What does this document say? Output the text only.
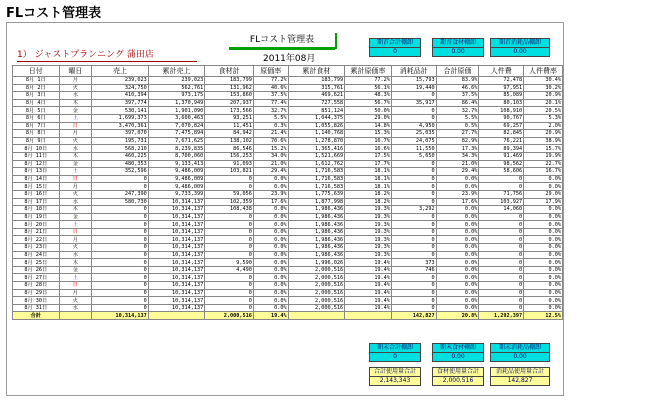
FLコスト管理表
FLコスト管理表
1） ジャストプランニング 蒲田店	2011年08月
期首合計棚卸
0
期首食材棚卸
0.00
期首消耗品棚卸
0.00
日付	曜日	売上	累計売上	食材計	原価率	累計食材	累計原価率	消耗品計	合計原価	人件費	人件費率
8月 1日	月	239,023	239,023	183,799	77.2%	183,799	77.2%	15,793	83.9%	72,478	30.4%
8月 2日	火	324,750	562,761	131,962	40.6%	315,761	56.1%	19,440	46.6%	97,951	30.2%
8月 3日	水	410,394	973,175	153,860	37.5%	469,621	48.3%	0	37.5%	85,089	20.9%
8月 4日	木	397,774	1,370,949	207,937	77.4%	727,558	56.7%	35,917	86.4%	80,103	20.1%
8月 5日	金	530,141	1,901,090	173,566	32.7%	851,124	50.0%	0	32.7%	108,910	20.5%
8月 6日	土	1,699,373	3,600,463	93,251	5.5%	1,044,375	29.0%	0	5.5%	90,767	5.3%
8月 7日	日	3,470,361	7,070,824	11,451	0.3%	1,055,826	14.8%	4,950	0.5%	69,257	2.0%
8月 8日	月	397,070	7,475,894	84,942	21.4%	1,140,768	15.3%	25,035	27.7%	82,845	20.9%
8月 9日	火	195,731	7,671,625	138,102	70.6%	1,278,870	16.7%	24,075	82.9%	76,221	38.9%
8月 10日	水	568,210	8,239,835	86,546	15.2%	1,365,416	16.6%	11,550	17.3%	89,394	15.7%
8月 11日	木	460,225	8,700,060	156,253	34.0%	1,521,669	17.5%	5,650	34.3%	91,469	19.9%
8月 12日	金	480,353	9,133,413	91,093	21.0%	1,612,762	17.7%	0	21.0%	98,562	22.7%
8月 13日	土	352,596	9,486,009	103,821	29.4%	1,716,583	18.1%	0	29.4%	58,606	16.7%
8月 14日	日	0	9,486,009	0	0.0%	1,716,583	18.1%	0	0.0%	0	0.0%
8月 15日	月	0	9,486,009	0	0.0%	1,716,583	18.1%	0	0.0%	0	0.0%
8月 16日	火	247,390	9,733,399	59,056	23.9%	1,775,639	18.2%	0	23.9%	71,756	29.0%
8月 17日	水	580,730	10,314,137	102,359	17.6%	1,877,998	18.2%	0	17.6%	103,927	17.9%
8月 18日	木	0	10,314,137	108,438	0.0%	1,986,436	19.3%	3,292	0.0%	14,060	0.0%
8月 19日	金	0	10,314,137	0	0.0%	1,986,436	19.3%	0	0.0%	0	0.0%
8月 20日	土	0	10,314,137	0	0.0%	1,986,436	19.3%	0	0.0%	0	0.0%
8月 21日	日	0	10,314,137	0	0.0%	1,986,436	19.3%	0	0.0%	0	0.0%
8月 22日	月	0	10,314,137	0	0.0%	1,986,436	19.3%	0	0.0%	0	0.0%
8月 23日	火	0	10,314,137	0	0.0%	1,986,436	19.3%	0	0.0%	0	0.0%
8月 24日	水	0	10,314,137	0	0.0%	1,986,436	19.3%	0	0.0%	0	0.0%
8月 25日	木	0	10,314,137	9,590	0.0%	1,996,026	19.4%	373	0.0%	0	0.0%
8月 26日	金	0	10,314,137	4,490	0.0%	2,000,516	19.4%	746	0.0%	0	0.0%
8月 27日	土	0	10,314,137	0	0.0%	2,000,516	19.4%	0	0.0%	0	0.0%
8月 28日	日	0	10,314,137	0	0.0%	2,000,516	19.4%	0	0.0%	0	0.0%
8月 29日	月	0	10,314,137	0	0.0%	2,000,516	19.4%	0	0.0%	0	0.0%
8月 30日	火	0	10,314,137	0	0.0%	2,000,516	19.4%	0	0.0%	0	0.0%
8月 31日	水	0	10,314,137	0	0.0%	2,000,516	19.4%	0	0.0%	0	0.0%
合計		10,314,137		2,000,516	19.4%			142,827	20.8%	1,292,397	12.5%
期末合計棚卸
0
期末食材棚卸
0.00
期末消耗品棚卸
0.00
合計使用量合計
2,143,343
食材使用量合計
2,000,516
消耗品使用量合計
142,827
